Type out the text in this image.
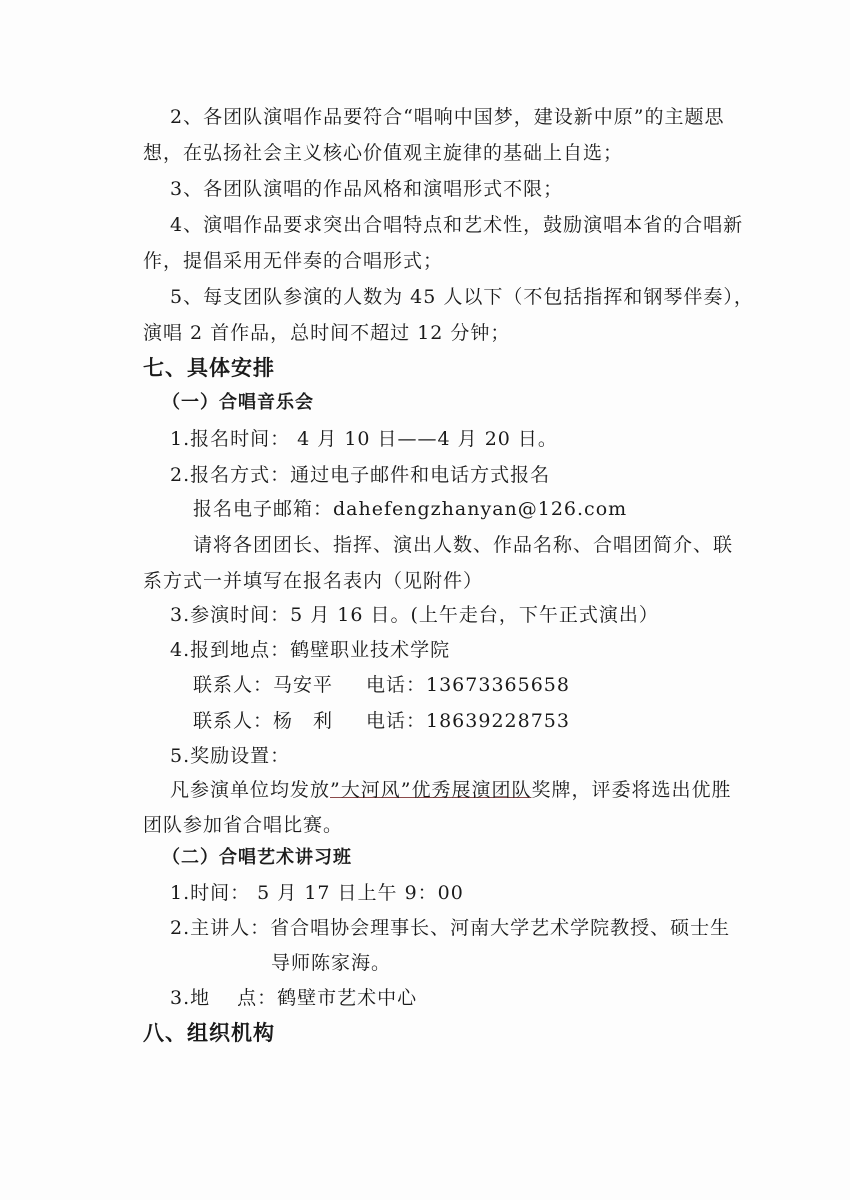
2、各团队演唱作品要符合“唱响中国梦，建设新中原”的主题思
想，在弘扬社会主义核心价值观主旋律的基础上自选；
3、各团队演唱的作品风格和演唱形式不限；
4、演唱作品要求突出合唱特点和艺术性，鼓励演唱本省的合唱新
作，提倡采用无伴奏的合唱形式；
5、每支团队参演的人数为 45 人以下（不包括指挥和钢琴伴奏），
演唱 2 首作品，总时间不超过 12 分钟；
七、具体安排
（一）合唱音乐会
1.报名时间： 4 月 10 日——4 月 20 日。
2.报名方式：通过电子邮件和电话方式报名
报名电子邮箱：dahefengzhanyan@126.com
请将各团团长、指挥、演出人数、作品名称、合唱团简介、联
系方式一并填写在报名表内（见附件）
3.参演时间：5 月 16 日。(上午走台，下午正式演出）
4.报到地点：鹤壁职业技术学院
联系人：马安平 电话：13673365658
联系人：杨　利 电话：18639228753
5.奖励设置：
凡参演单位均发放”大河风”优秀展演团队奖牌，评委将选出优胜
团队参加省合唱比赛。
（二）合唱艺术讲习班
1.时间： 5 月 17 日上午 9：00
2.主讲人：省合唱协会理事长、河南大学艺术学院教授、硕士生
导师陈家海。
3.地　 点：鹤壁市艺术中心
八、组织机构
